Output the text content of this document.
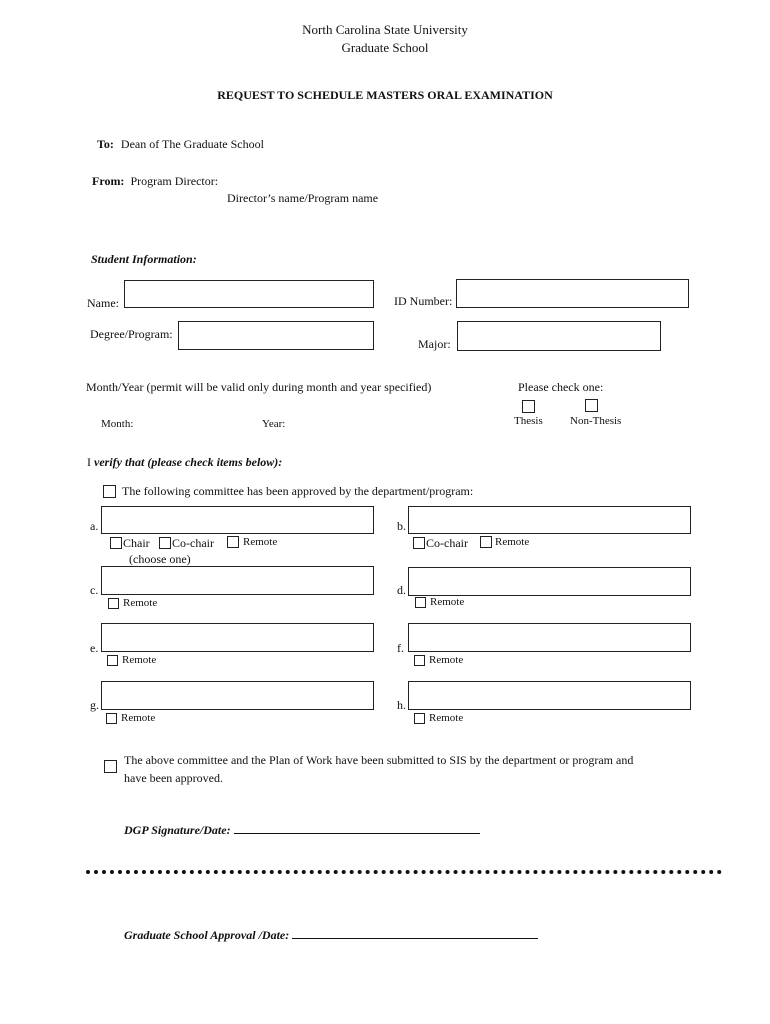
North Carolina State University
Graduate School
REQUEST TO SCHEDULE MASTERS ORAL EXAMINATION
To: Dean of The Graduate School
From: Program Director:
Director’s name/Program name
Student Information:
Name:	ID Number:
Degree/Program:
Major:
Month/Year (permit will be valid only during month and year specified)	Please check one:
Thesis Non-Thesis
Month:	Year:
I verify that (please check items below):
The following committee has been approved by the department/program:
a.
Chair Co-chair	Remote
(choose one)
b.
Co-chair Remote
c.
Remote
d.
Remote
e.
Remote
f.
Remote
g.
Remote
h.
Remote
The above committee and the Plan of Work have been submitted to SIS by the department or program and
have been approved.
DGP Signature/Date:
Graduate School Approval /Date:
